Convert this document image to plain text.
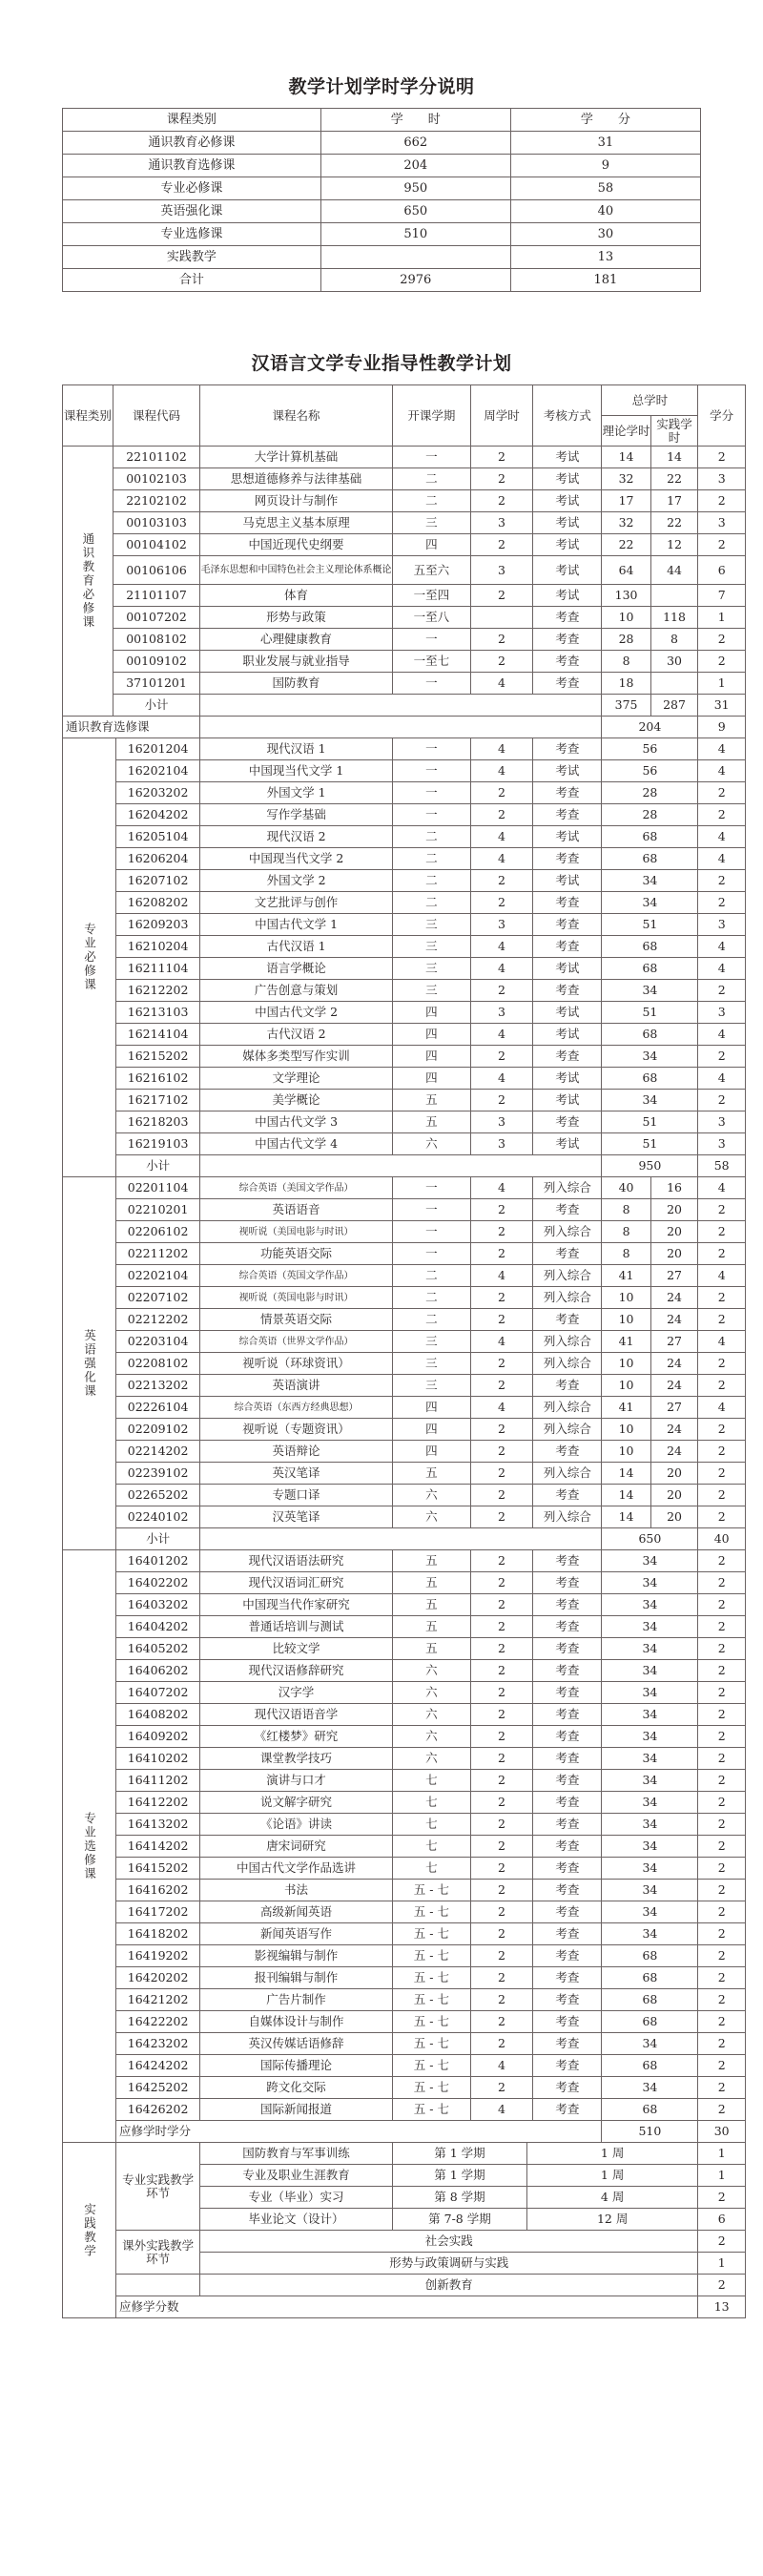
教学计划学时学分说明
课程类别	学　　时	学　　分
通识教育必修课	662	31
通识教育选修课	204	9
专业必修课	950	58
英语强化课	650	40
专业选修课	510	30
实践教学		13
合计	2976	181
汉语言文学专业指导性教学计划
课程类别	课程代码		课程名称	开课学期	周学时		考核方式	总学时		学分
								理论学时	实践学时	
通识教育必修课	22101102		大学计算机基础	一	2		考试	14	14	2
	00102103		思想道德修养与法律基础	二	2		考试	32	22	3
	22102102		网页设计与制作	二	2		考试	17	17	2
	00103103		马克思主义基本原理	三	3		考试	32	22	3
	00104102		中国近现代史纲要	四	2		考试	22	12	2
	00106106		毛泽东思想和中国特色社会主义理论体系概论	五至六	3		考试	64	44	6
	21101107		体育	一至四	2		考试	130		7
	00107202		形势与政策	一至八			考查	10	118	1
	00108102		心理健康教育	一	2		考查	28	8	2
	00109102		职业发展与就业指导	一至七	2		考查	8	30	2
	37101201		国防教育	一	4		考查	18		1
	小计							375	287	31
通识教育选修课								204		9
专业必修课		16201204	现代汉语 1	一	4		考查	56		4
		16202104	中国现当代文学 1	一	4		考试	56		4
		16203202	外国文学 1	一	2		考查	28		2
		16204202	写作学基础	一	2		考查	28		2
		16205104	现代汉语 2	二	4		考试	68		4
		16206204	中国现当代文学 2	二	4		考查	68		4
		16207102	外国文学 2	二	2		考试	34		2
		16208202	文艺批评与创作	二	2		考查	34		2
		16209203	中国古代文学 1	三	3		考查	51		3
		16210204	古代汉语 1	三	4		考查	68		4
		16211104	语言学概论	三	4		考试	68		4
		16212202	广告创意与策划	三	2		考查	34		2
		16213103	中国古代文学 2	四	3		考试	51		3
		16214104	古代汉语 2	四	4		考试	68		4
		16215202	媒体多类型写作实训	四	2		考查	34		2
		16216102	文学理论	四	4		考试	68		4
		16217102	美学概论	五	2		考试	34		2
		16218203	中国古代文学 3	五	3		考查	51		3
		16219103	中国古代文学 4	六	3		考试	51		3
		小计						950		58
英语强化课		02201104	综合英语（美国文学作品）	一	4		列入综合	40	16	4
		02210201	英语语音	一	2		考查	8	20	2
		02206102	视听说（美国电影与时讯）	一	2		列入综合	8	20	2
		02211202	功能英语交际	一	2		考查	8	20	2
		02202104	综合英语（英国文学作品）	二	4		列入综合	41	27	4
		02207102	视听说（英国电影与时讯）	二	2		列入综合	10	24	2
		02212202	情景英语交际	二	2		考查	10	24	2
		02203104	综合英语（世界文学作品）	三	4		列入综合	41	27	4
		02208102	视听说（环球资讯）	三	2		列入综合	10	24	2
		02213202	英语演讲	三	2		考查	10	24	2
		02226104	综合英语（东西方经典思想）	四	4		列入综合	41	27	4
		02209102	视听说（专题资讯）	四	2		列入综合	10	24	2
		02214202	英语辩论	四	2		考查	10	24	2
		02239102	英汉笔译	五	2		列入综合	14	20	2
		02265202	专题口译	六	2		考查	14	20	2
		02240102	汉英笔译	六	2		列入综合	14	20	2
		小计						650		40
专业选修课		16401202	现代汉语语法研究	五	2		考查	34		2
		16402202	现代汉语词汇研究	五	2		考查	34		2
		16403202	中国现当代作家研究	五	2		考查	34		2
		16404202	普通话培训与测试	五	2		考查	34		2
		16405202	比较文学	五	2		考查	34		2
		16406202	现代汉语修辞研究	六	2		考查	34		2
		16407202	汉字学	六	2		考查	34		2
		16408202	现代汉语语音学	六	2		考查	34		2
		16409202	《红楼梦》研究	六	2		考查	34		2
		16410202	课堂教学技巧	六	2		考查	34		2
		16411202	演讲与口才	七	2		考查	34		2
		16412202	说文解字研究	七	2		考查	34		2
		16413202	《论语》讲读	七	2		考查	34		2
		16414202	唐宋词研究	七	2		考查	34		2
		16415202	中国古代文学作品选讲	七	2		考查	34		2
		16416202	书法	五 - 七	2		考查	34		2
		16417202	高级新闻英语	五 - 七	2		考查	34		2
		16418202	新闻英语写作	五 - 七	2		考查	34		2
		16419202	影视编辑与制作	五 - 七	2		考查	68		2
		16420202	报刊编辑与制作	五 - 七	2		考查	68		2
		16421202	广告片制作	五 - 七	2		考查	68		2
		16422202	自媒体设计与制作	五 - 七	2		考查	68		2
		16423202	英汉传媒话语修辞	五 - 七	2		考查	34		2
		16424202	国际传播理论	五 - 七	4		考查	68		2
		16425202	跨文化交际	五 - 七	2		考查	34		2
		16426202	国际新闻报道	五 - 七	4		考查	68		2
		应修学时学分						510		30
实践教学		专业实践教学环节	国防教育与军事训练	第 1 学期		1 周				1
			专业及职业生涯教育	第 1 学期		1 周				1
			专业（毕业）实习	第 8 学期		4 周				2
			毕业论文（设计）	第 7-8 学期		12 周				6
		课外实践教学环节	社会实践							2
			形势与政策调研与实践							1
			创新教育							2
		应修学分数								13
